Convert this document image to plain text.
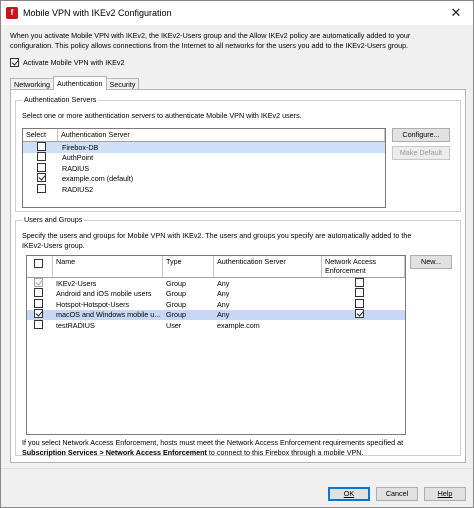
f	Mobile VPN with IKEv2 Configuration	✕
When you activate Mobile VPN with IKEv2, the IKEv2-Users group and the Allow IKEv2 policy are automatically added to your
configuration. This policy allows connections from the Internet to all networks for the users you add to the IKEv2-Users group.
Activate Mobile VPN with IKEv2
Networking Authentication Security
Authentication Servers
Select one or more authentication servers to authenticate Mobile VPN with IKEv2 users.
Select	Authentication Server
Firebox-DB
AuthPoint
RADIUS
example.com (default)
RADIUS2
Configure...
Make Default
Users and Groups
Specify the users and groups for Mobile VPN with IKEv2. The users and groups you specify are automatically added to the
IKEv2-Users group.
Name	Type	Authentication Server	Network Access
Enforcement
IKEv2-Users	Group	Any
Android and iOS mobile users	Group	Any
Hotspot-Hotspot-Users	Group	Any
macOS and Windows mobile u... Group	Any
testRADIUS	User	example.com
New...
If you select Network Access Enforcement, hosts must meet the Network Access Enforcement requirements specified at
Subscription Services > Network Access Enforcement to connect to this Firebox through a mobile VPN.
OK	Cancel	Help
